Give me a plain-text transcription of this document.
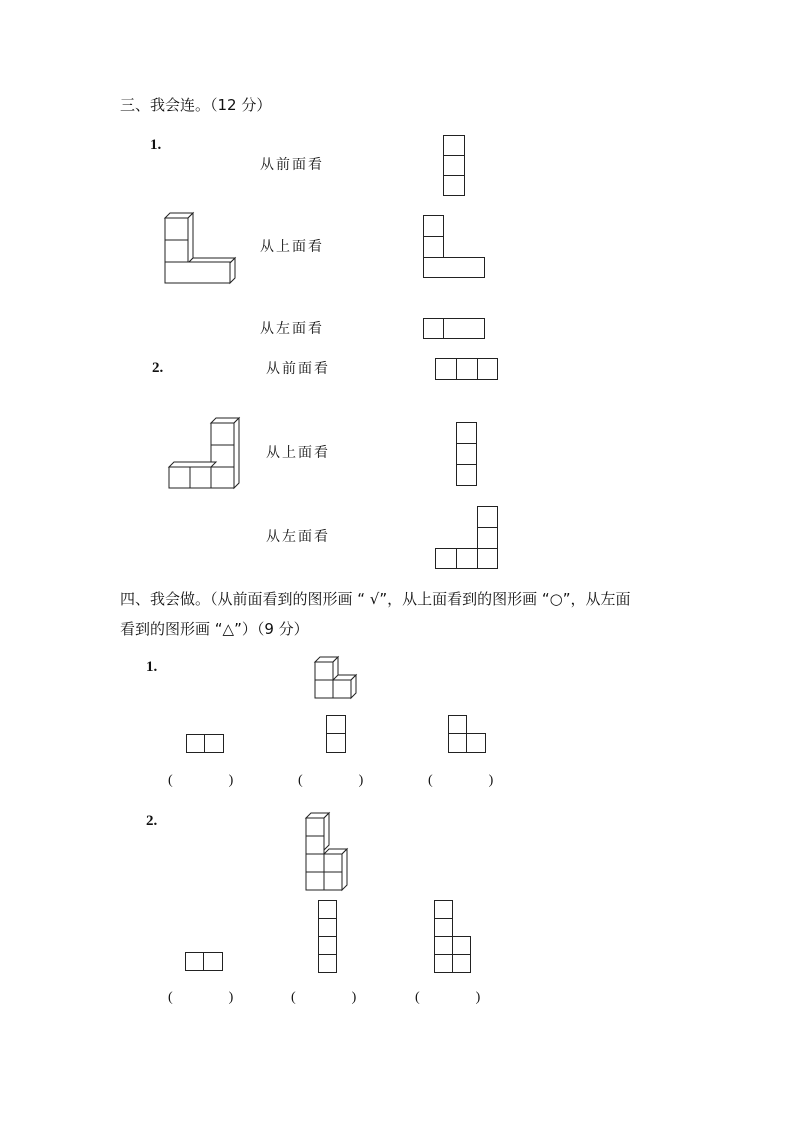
三、我会连。（12 分）
1.
从前面看
从上面看
从左面看
2.	从前面看
从上面看
从左面看
四、我会做。（从前面看到的图形画 “ √”，从上面看到的图形画 “○”，从左面
看到的图形画 “△”）（9 分）
1.
(　　　　)	(　　　　)	(　　　　)
2.
(　　　　)	(　　　　)	(　　　　)
